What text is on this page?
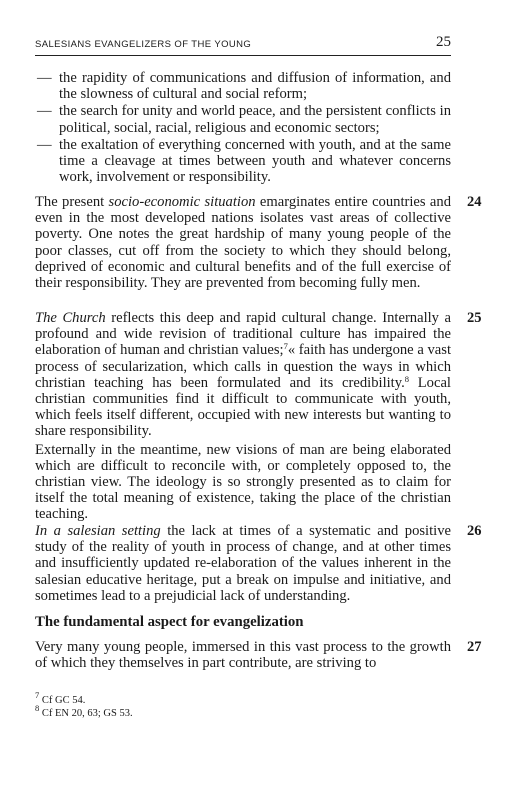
SALESIANS EVANGELIZERS OF THE YOUNG	25
— the rapidity of communications and diffusion of information, and the slowness of cultural and social reform;
— the search for unity and world peace, and the persistent conflicts in political, social, racial, religious and economic sectors;
— the exaltation of everything concerned with youth, and at the same time a cleavage at times between youth and whatever concerns work, involvement or responsibility.

The present socio-economic situation emarginates entire countries and even in the most developed nations isolates vast areas of collective poverty. One notes the great hardship of many young people of the poor classes, cut off from the society to which they should belong, deprived of economic and cultural benefits and of the full exercise of their responsibility. They are prevented from becoming fully men.

24

The Church reflects this deep and rapid cultural change. Internally a profound and wide revision of traditional culture has impaired the elaboration of human and christian values;$^7$« faith has undergone a vast process of secularization, which calls in question the ways in which christian teaching has been formulated and its credibility.$^8$ Local christian communities find it difficult to communicate with youth, which feels itself different, occupied with new interests but wanting to share responsibility.

Externally in the meantime, new visions of man are being elaborated which are difficult to reconcile with, or completely opposed to, the christian view. The ideology is so strongly presented as to claim for itself the total meaning of existence, taking the place of the christian teaching.

25

In a salesian setting the lack at times of a systematic and positive study of the reality of youth in process of change, and at other times and insufficiently updated re-elaboration of the values inherent in the salesian educative heritage, put a break on impulse and initiative, and sometimes lead to a prejudicial lack of understanding.

26
The fundamental aspect for evangelization

Very many young people, immersed in this vast process to the growth of which they themselves in part contribute, are striving to

27
$^7$ Cf GC 54.
$^8$ Cf EN 20, 63; GS 53.
